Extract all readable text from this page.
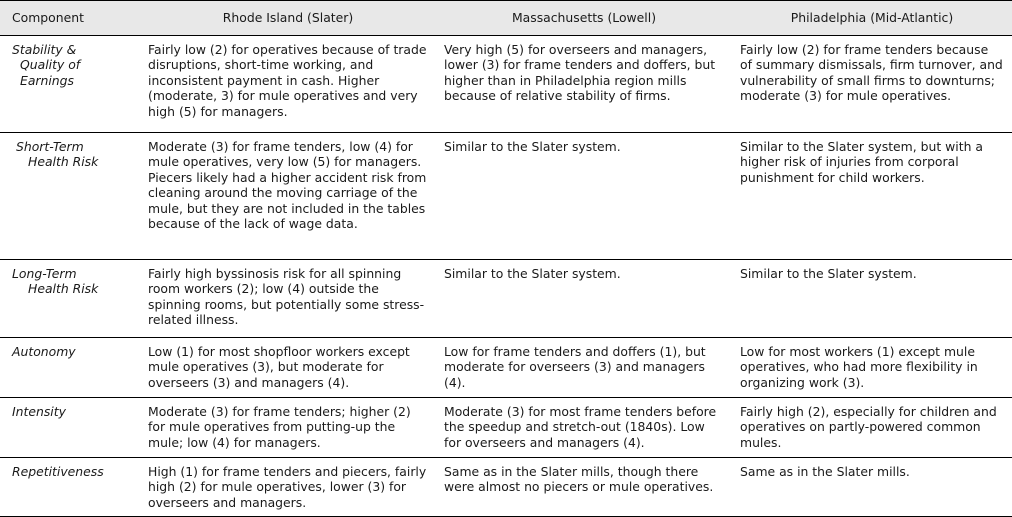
Component	Rhode Island (Slater)	Massachusetts (Lowell)	Philadelphia (Mid-Atlantic)

Stability &
Quality of
Earnings	Fairly low (2) for operatives because of trade disruptions, short-time working, and inconsistent payment in cash. Higher (moderate, 3) for mule operatives and very high (5) for managers.	Very high (5) for overseers and managers, lower (3) for frame tenders and doffers, but higher than in Philadelphia region mills because of relative stability of firms.	Fairly low (2) for frame tenders because of summary dismissals, firm turnover, and vulnerability of small firms to downturns; moderate (3) for mule operatives.

Short-Term
Health Risk	Moderate (3) for frame tenders, low (4) for mule operatives, very low (5) for managers. Piecers likely had a higher accident risk from cleaning around the moving carriage of the mule, but they are not included in the tables because of the lack of wage data.	Similar to the Slater system.	Similar to the Slater system, but with a higher risk of injuries from corporal punishment for child workers.

Long-Term
Health Risk	Fairly high byssinosis risk for all spinning room workers (2); low (4) outside the spinning rooms, but potentially some stress-related illness.	Similar to the Slater system.	Similar to the Slater system.

Autonomy	Low (1) for most shopfloor workers except mule operatives (3), but moderate for overseers (3) and managers (4).	Low for frame tenders and doffers (1), but moderate for overseers (3) and managers (4).	Low for most workers (1) except mule operatives, who had more flexibility in organizing work (3).

Intensity	Moderate (3) for frame tenders; higher (2) for mule operatives from putting-up the mule; low (4) for managers.	Moderate (3) for most frame tenders before the speedup and stretch-out (1840s). Low for overseers and managers (4).	Fairly high (2), especially for children and operatives on partly-powered common mules.

Repetitiveness	High (1) for frame tenders and piecers, fairly high (2) for mule operatives, lower (3) for overseers and managers.	Same as in the Slater mills, though there were almost no piecers or mule operatives.	Same as in the Slater mills.
